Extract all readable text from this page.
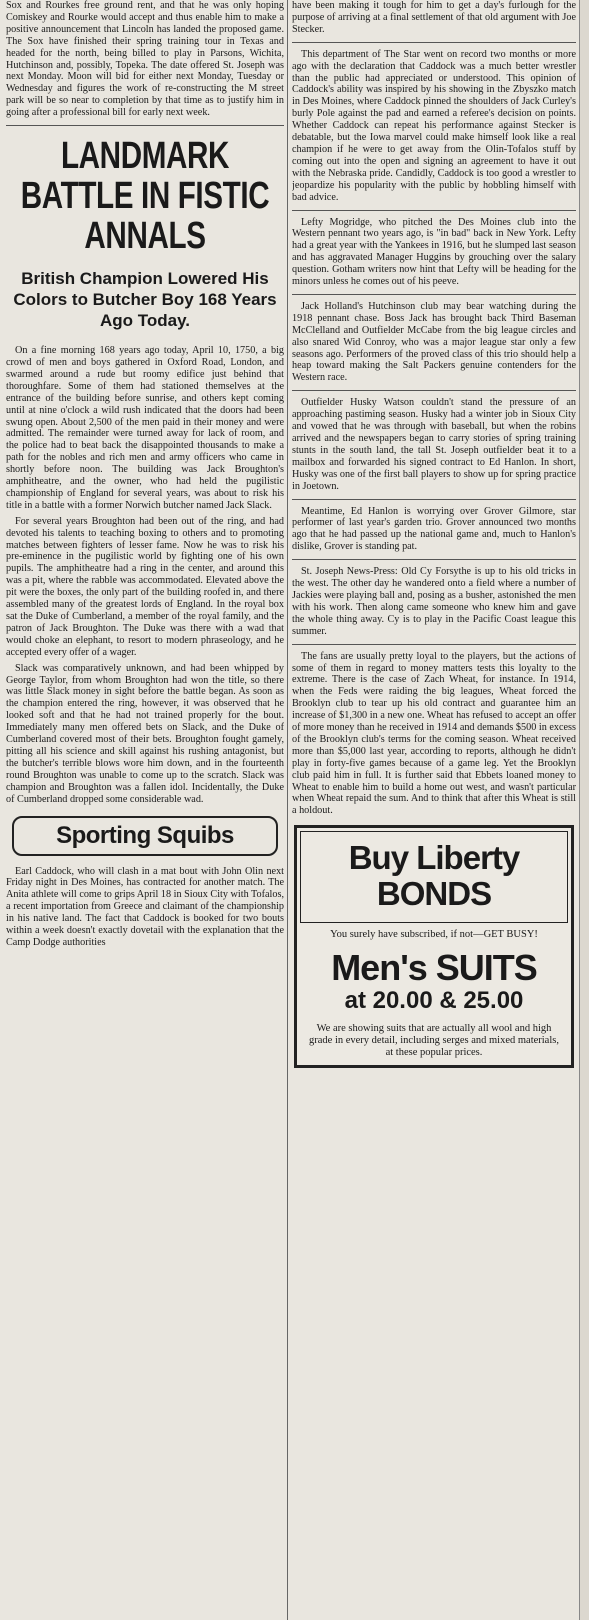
Sox and Rourkes free ground rent, and that he was only hoping Comiskey and Rourke would accept and thus enable him to make a positive announcement that Lincoln has landed the proposed game. The Sox have finished their spring training tour in Texas and headed for the north, being billed to play in Parsons, Wichita, Hutchinson and, possibly, Topeka. The date offered St. Joseph was next Monday. Moon will bid for either next Monday, Tuesday or Wednesday and figures the work of re-constructing the M street park will be so near to completion by that time as to justify him in going after a professional bill for early next week.

LANDMARK BATTLE IN FISTIC ANNALS
British Champion Lowered His Colors to Butcher Boy 168 Years Ago Today.

On a fine morning 168 years ago today, April 10, 1750, a big crowd of men and boys gathered in Oxford Road, London, and swarmed around a rude but roomy edifice just behind that thoroughfare. Some of them had stationed themselves at the entrance of the building before sunrise, and others kept coming until at nine o'clock a wild rush indicated that the doors had been swung open. About 2,500 of the men paid in their money and were admitted. The remainder were turned away for lack of room, and the police had to beat back the disappointed thousands to make a path for the nobles and rich men and army officers who came in shortly before noon. The building was Jack Broughton's amphitheatre, and the owner, who had held the pugilistic championship of England for several years, was about to risk his title in a battle with a former Norwich butcher named Jack Slack.

For several years Broughton had been out of the ring, and had devoted his talents to teaching boxing to others and to promoting matches between fighters of lesser fame. Now he was to risk his pre-eminence in the pugilistic world by fighting one of his own pupils. The amphitheatre had a ring in the center, and around this was a pit, where the rabble was accommodated. Elevated above the pit were the boxes, the only part of the building roofed in, and there assembled many of the greatest lords of England. In the royal box sat the Duke of Cumberland, a member of the royal family, and the patron of Jack Broughton. The Duke was there with a wad that would choke an elephant, to resort to modern phraseology, and he accepted every offer of a wager.

Slack was comparatively unknown, and had been whipped by George Taylor, from whom Broughton had won the title, so there was little Slack money in sight before the battle began. As soon as the champion entered the ring, however, it was observed that he looked soft and that he had not trained properly for the bout. Immediately many men offered bets on Slack, and the Duke of Cumberland covered most of their bets. Broughton fought gamely, pitting all his science and skill against his rushing antagonist, but the butcher's terrible blows wore him down, and in the fourteenth round Broughton was unable to come up to the scratch. Slack was champion and Broughton was a fallen idol. Incidentally, the Duke of Cumberland dropped some considerable wad.

Sporting Squibs

Earl Caddock, who will clash in a mat bout with John Olin next Friday night in Des Moines, has contracted for another match. The Anita athlete will come to grips April 18 in Sioux City with Tofalos, a recent importation from Greece and claimant of the championship in his native land. The fact that Caddock is booked for two bouts within a week doesn't exactly dovetail with the explanation that the Camp Dodge authorities

have been making it tough for him to get a day's furlough for the purpose of arriving at a final settlement of that old argument with Joe Stecker.

This department of The Star went on record two months or more ago with the declaration that Caddock was a much better wrestler than the public had appreciated or understood. This opinion of Caddock's ability was inspired by his showing in the Zbyszko match in Des Moines, where Caddock pinned the shoulders of Jack Curley's burly Pole against the pad and earned a referee's decision on points. Whether Caddock can repeat his performance against Stecker is debatable, but the Iowa marvel could make himself look like a real champion if he were to get away from the Olin-Tofalos stuff by coming out into the open and signing an agreement to have it out with the Nebraska pride. Candidly, Caddock is too good a wrestler to jeopardize his popularity with the public by hobbling himself with bad advice.

Lefty Mogridge, who pitched the Des Moines club into the Western pennant two years ago, is "in bad" back in New York. Lefty had a great year with the Yankees in 1916, but he slumped last season and has aggravated Manager Huggins by grouching over the salary question. Gotham writers now hint that Lefty will be heading for the minors unless he comes out of his peeve.

Jack Holland's Hutchinson club may bear watching during the 1918 pennant chase. Boss Jack has brought back Third Baseman McClelland and Outfielder McCabe from the big league circles and also snared Wid Conroy, who was a major league star only a few seasons ago. Performers of the proved class of this trio should help a heap toward making the Salt Packers genuine contenders for the Western race.

Outfielder Husky Watson couldn't stand the pressure of an approaching pastiming season. Husky had a winter job in Sioux City and vowed that he was through with baseball, but when the robins arrived and the newspapers began to carry stories of spring training stunts in the south land, the tall St. Joseph outfielder beat it to a mailbox and forwarded his signed contract to Ed Hanlon. In short, Husky was one of the first ball players to show up for spring practice in Joetown.

Meantime, Ed Hanlon is worrying over Grover Gilmore, star performer of last year's garden trio. Grover announced two months ago that he had passed up the national game and, much to Hanlon's dislike, Grover is standing pat.

St. Joseph News-Press: Old Cy Forsythe is up to his old tricks in the west. The other day he wandered onto a field where a number of Jackies were playing ball and, posing as a busher, astonished the men with his work. Then along came someone who knew him and gave the whole thing away. Cy is to play in the Pacific Coast league this summer.

The fans are usually pretty loyal to the players, but the actions of some of them in regard to money matters tests this loyalty to the extreme. There is the case of Zach Wheat, for instance. In 1914, when the Feds were raiding the big leagues, Wheat forced the Brooklyn club to tear up his old contract and guarantee him an increase of $1,300 in a new one. Wheat has refused to accept an offer of more money than he received in 1914 and demands $500 in excess of the Brooklyn club's terms for the coming season. Wheat received more than $5,000 last year, according to reports, although he didn't play in forty-five games because of a game leg. Yet the Brooklyn club paid him in full. It is further said that Ebbets loaned money to Wheat to enable him to build a home out west, and wasn't particular when Wheat repaid the sum. And to think that after this Wheat is still a holdout.

Buy Liberty
BONDS
You surely have subscribed, if not—GET BUSY!
Men's SUITS
at 20.00 & 25.00
We are showing suits that are actually all wool and high grade in every detail, including serges and mixed materials, at these popular prices.
